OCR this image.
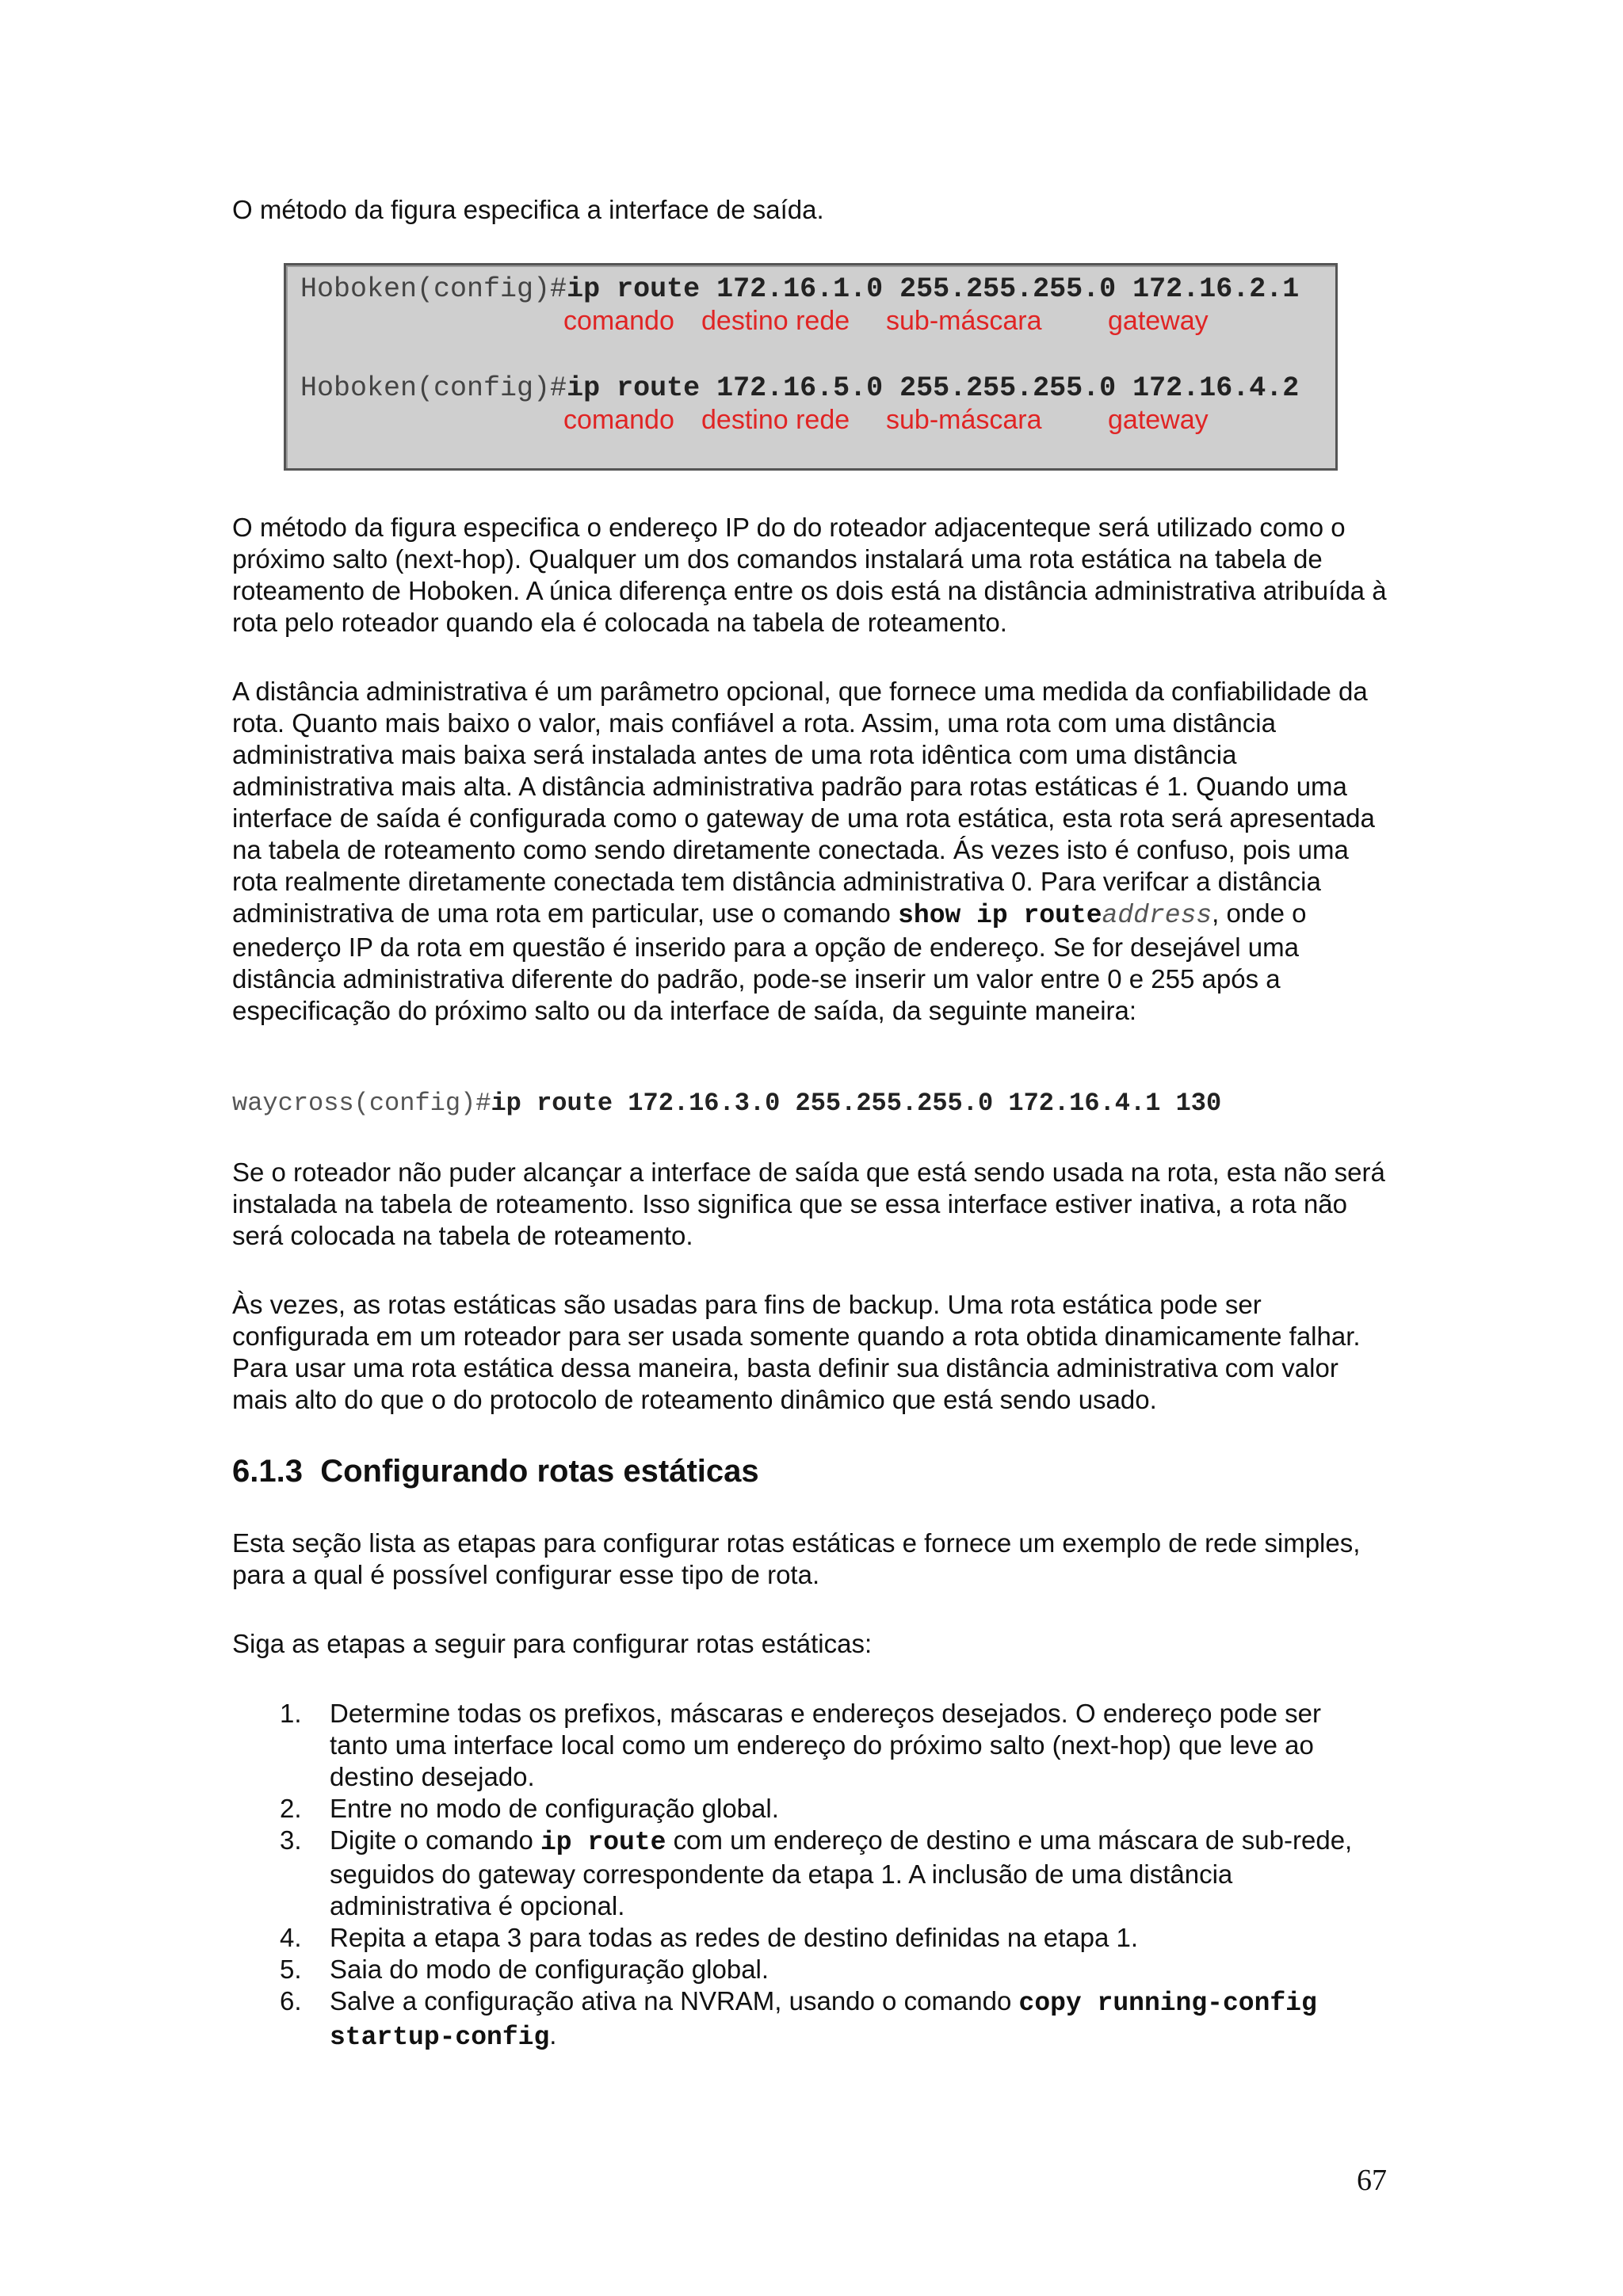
O método da figura especifica a interface de saída.

Hoboken(config)#ip route 172.16.1.0 255.255.255.0 172.16.2.1
comando destino rede sub-máscara gateway
Hoboken(config)#ip route 172.16.5.0 255.255.255.0 172.16.4.2
comando destino rede sub-máscara gateway

O método da figura especifica o endereço IP do do roteador adjacenteque será utilizado como o próximo salto (next-hop). Qualquer um dos comandos instalará uma rota estática na tabela de roteamento de Hoboken. A única diferença entre os dois está na distância administrativa atribuída à rota pelo roteador quando ela é colocada na tabela de roteamento.

A distância administrativa é um parâmetro opcional, que fornece uma medida da confiabilidade da rota. Quanto mais baixo o valor, mais confiável a rota. Assim, uma rota com uma distância administrativa mais baixa será instalada antes de uma rota idêntica com uma distância administrativa mais alta. A distância administrativa padrão para rotas estáticas é 1. Quando uma interface de saída é configurada como o gateway de uma rota estática, esta rota será apresentada na tabela de roteamento como sendo diretamente conectada. Ás vezes isto é confuso, pois uma rota realmente diretamente conectada tem distância administrativa 0. Para verifcar a distância administrativa de uma rota em particular, use o comando show ip routeaddress, onde o enederço IP da rota em questão é inserido para a opção de endereço. Se for desejável uma distância administrativa diferente do padrão, pode-se inserir um valor entre 0 e 255 após a especificação do próximo salto ou da interface de saída, da seguinte maneira:
waycross(config)#ip route 172.16.3.0 255.255.255.0 172.16.4.1 130

Se o roteador não puder alcançar a interface de saída que está sendo usada na rota, esta não será instalada na tabela de roteamento. Isso significa que se essa interface estiver inativa, a rota não será colocada na tabela de roteamento.

Às vezes, as rotas estáticas são usadas para fins de backup. Uma rota estática pode ser configurada em um roteador para ser usada somente quando a rota obtida dinamicamente falhar. Para usar uma rota estática dessa maneira, basta definir sua distância administrativa com valor mais alto do que o do protocolo de roteamento dinâmico que está sendo usado.

6.1.3  Configurando rotas estáticas

Esta seção lista as etapas para configurar rotas estáticas e fornece um exemplo de rede simples, para a qual é possível configurar esse tipo de rota.

Siga as etapas a seguir para configurar rotas estáticas:

1. Determine todas os prefixos, máscaras e endereços desejados. O endereço pode ser tanto uma interface local como um endereço do próximo salto (next-hop) que leve ao destino desejado.
2. Entre no modo de configuração global.
3. Digite o comando ip route com um endereço de destino e uma máscara de sub-rede, seguidos do gateway correspondente da etapa 1. A inclusão de uma distância administrativa é opcional.
4. Repita a etapa 3 para todas as redes de destino definidas na etapa 1.
5. Saia do modo de configuração global.
6. Salve a configuração ativa na NVRAM, usando o comando copy running-config startup-config.
67
